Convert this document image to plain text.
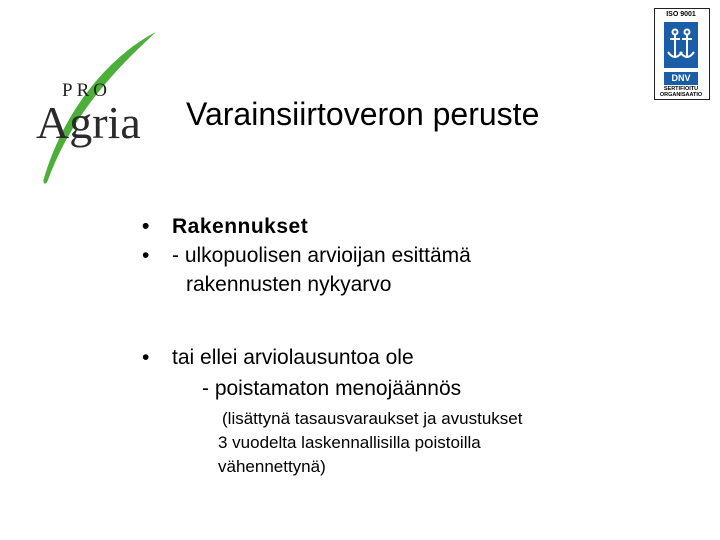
PRO
Agria Varainsiirtoveron peruste
ISO 9001
DNV
SERTIFIOITU
ORGANISAATIO
• Rakennukset
• - ulkopuolisen arvioijan esittämä
rakennusten nykyarvo
• tai ellei arviolausuntoa ole
- poistamaton menojäännös
(lisättynä tasausvaraukset ja avustukset
3 vuodelta laskennallisilla poistoilla
vähennettynä)
